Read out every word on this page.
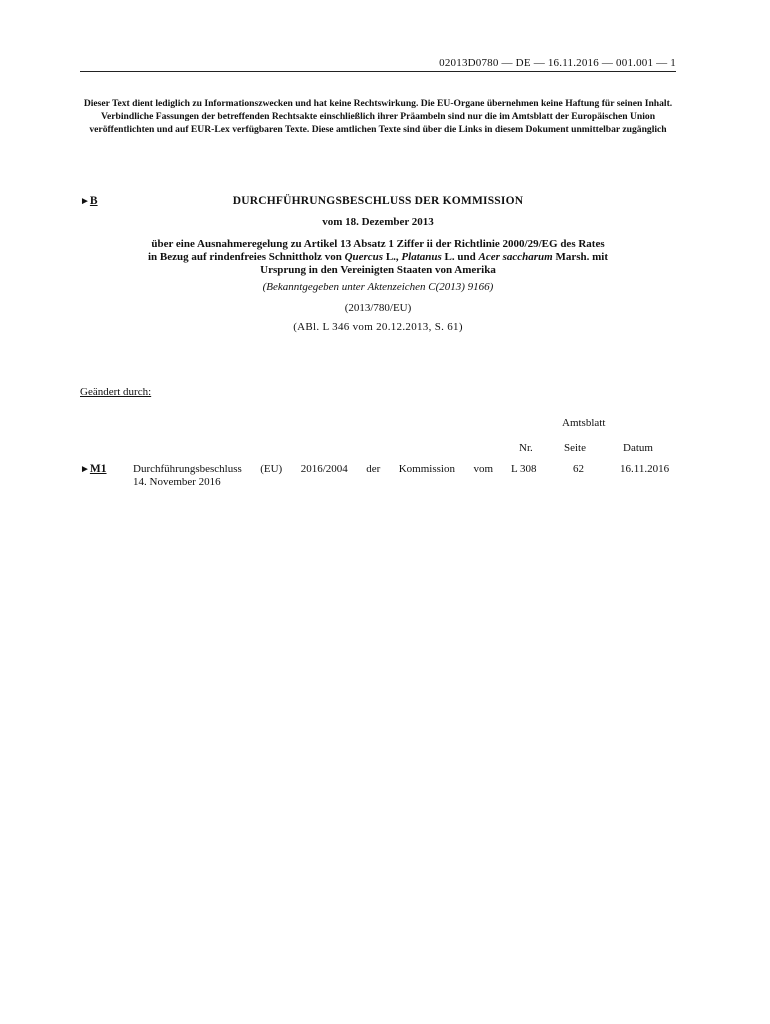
02013D0780 — DE — 16.11.2016 — 001.001 — 1
Dieser Text dient lediglich zu Informationszwecken und hat keine Rechtswirkung. Die EU-Organe übernehmen keine Haftung für seinen Inhalt. Verbindliche Fassungen der betreffenden Rechtsakte einschließlich ihrer Präambeln sind nur die im Amtsblatt der Europäischen Union veröffentlichten und auf EUR-Lex verfügbaren Texte. Diese amtlichen Texte sind über die Links in diesem Dokument unmittelbar zugänglich
►B	DURCHFÜHRUNGSBESCHLUSS DER KOMMISSION
vom 18. Dezember 2013
über eine Ausnahmeregelung zu Artikel 13 Absatz 1 Ziffer ii der Richtlinie 2000/29/EG des Rates
in Bezug auf rindenfreies Schnittholz von Quercus L., Platanus L. und Acer saccharum Marsh. mit
Ursprung in den Vereinigten Staaten von Amerika
(Bekanntgegeben unter Aktenzeichen C(2013) 9166)
(2013/780/EU)
(ABl. L 346 vom 20.12.2013, S. 61)
Geändert durch:
Amtsblatt
Nr.	Seite	Datum
►M1 Durchführungsbeschluss (EU) 2016/2004 der Kommission vom
14. November 2016
L 308	62	16.11.2016
